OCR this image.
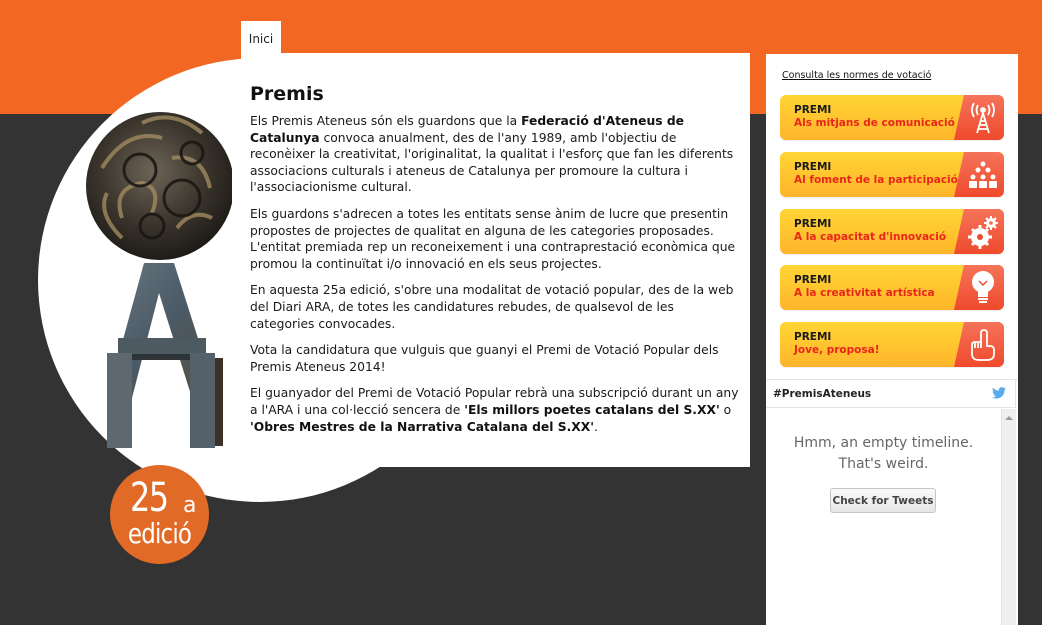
Inici
25 a
edició
Premis

Els Premis Ateneus són els guardons que la Federació d'Ateneus de Catalunya convoca anualment, des de l'any 1989, amb l'objectiu de reconèixer la creativitat, l'originalitat, la qualitat i l'esforç que fan les diferents associacions culturals i ateneus de Catalunya per promoure la cultura i l'associacionisme cultural.

Els guardons s'adrecen a totes les entitats sense ànim de lucre que presentin propostes de projectes de qualitat en alguna de les categories proposades. L'entitat premiada rep un reconeixement i una contraprestació econòmica que promou la continuïtat i/o innovació en els seus projectes.

En aquesta 25a edició, s'obre una modalitat de votació popular, des de la web del Diari ARA, de totes les candidatures rebudes, de qualsevol de les categories convocades.

Vota la candidatura que vulguis que guanyi el Premi de Votació Popular dels Premis Ateneus 2014!

El guanyador del Premi de Votació Popular rebrà una subscripció durant un any a l'ARA i una col·lecció sencera de 'Els millors poetes catalans del S.XX' o 'Obres Mestres de la Narrativa Catalana del S.XX'.

Consulta les normes de votació
PREMI
Als mitjans de comunicació
PREMI
Al foment de la participació
PREMI
A la capacitat d'innovació
PREMI
A la creativitat artística
PREMI
Jove, proposa!
#PremisAteneus
Hmm, an empty timeline.
That's weird.
Check for Tweets
